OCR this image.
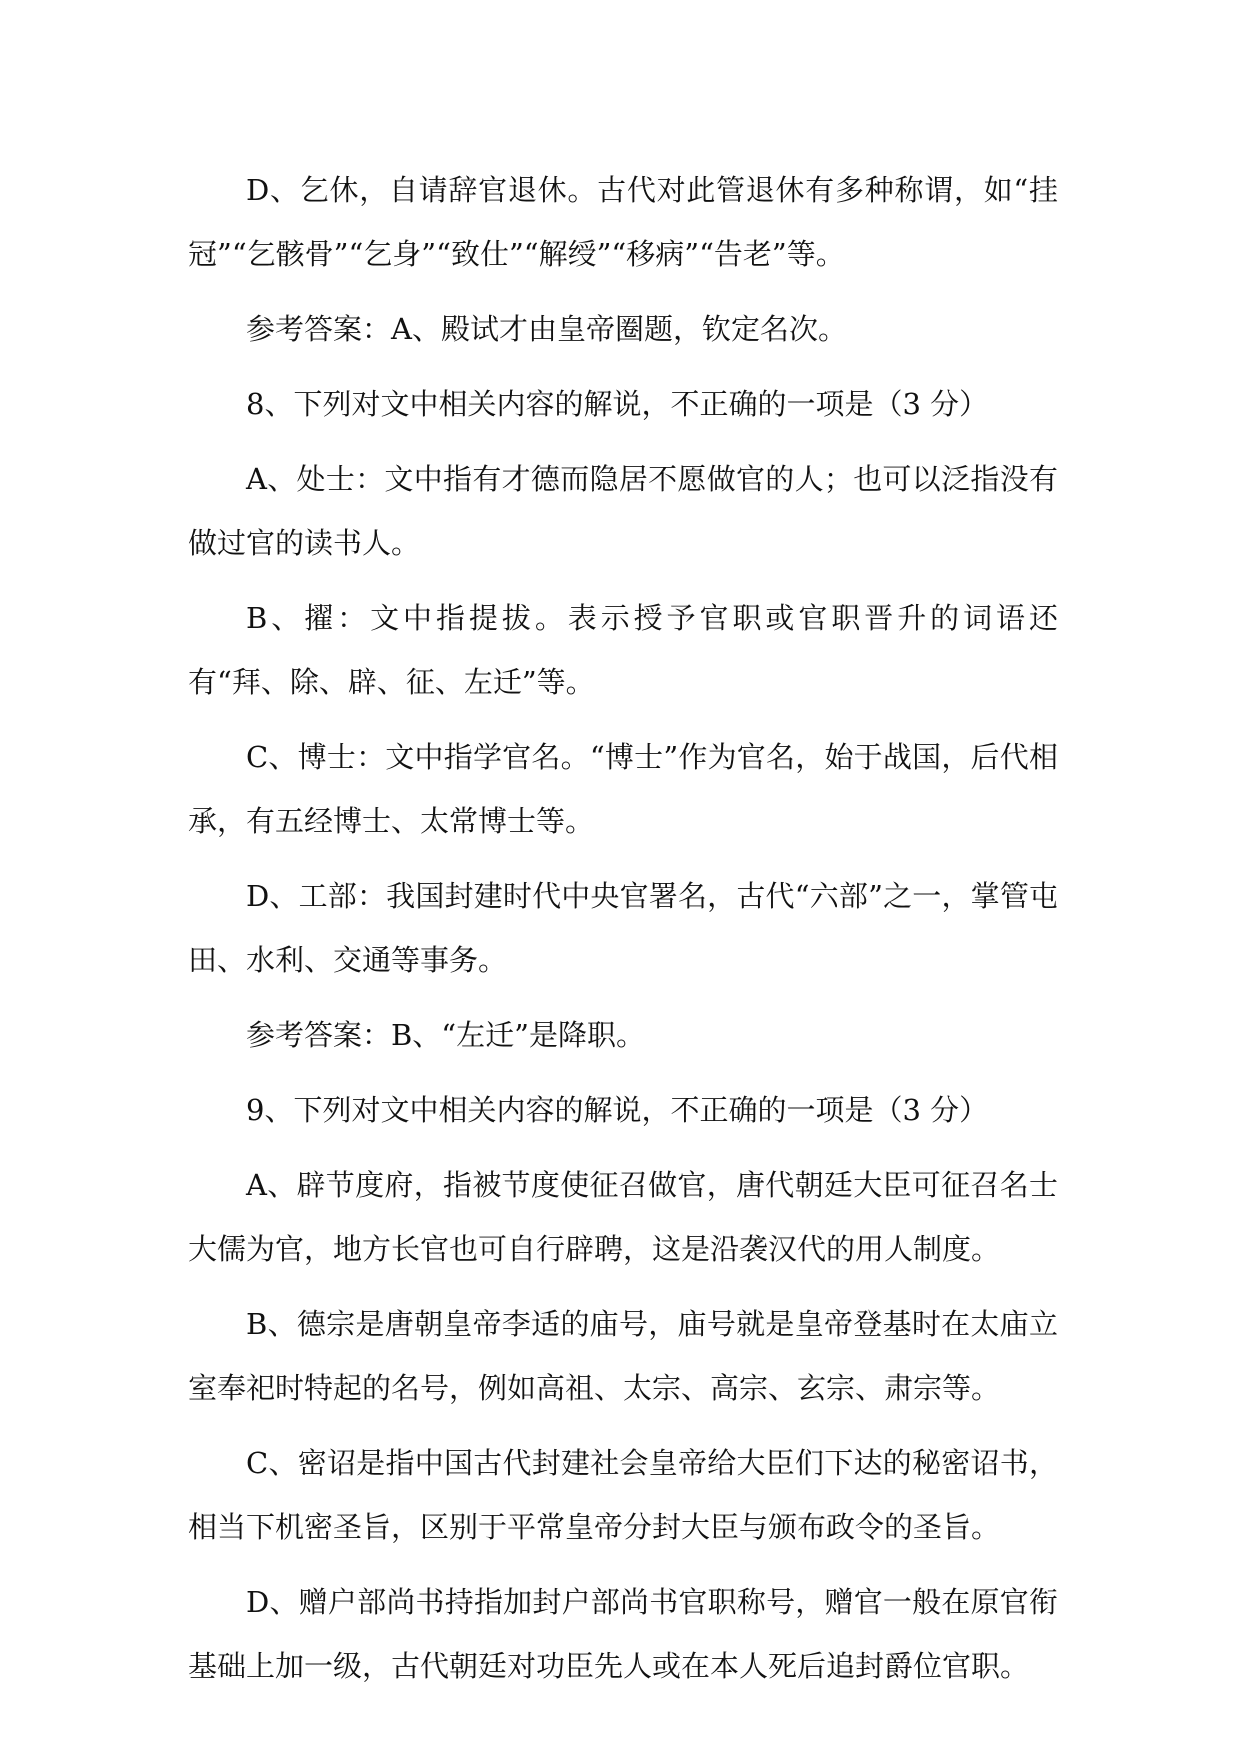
D、乞休，自请辞官退休。古代对此管退休有多种称谓，如“挂冠”“乞骸骨”“乞身”“致仕”“解绶”“移病”“告老”等。

参考答案：A、殿试才由皇帝圈题，钦定名次。

8、下列对文中相关内容的解说，不正确的一项是（3 分）

A、处士：文中指有才德而隐居不愿做官的人；也可以泛指没有做过官的读书人。

B、擢：文中指提拔。表示授予官职或官职晋升的词语还有“拜、除、辟、征、左迁”等。

C、博士：文中指学官名。“博士”作为官名，始于战国，后代相承，有五经博士、太常博士等。

D、工部：我国封建时代中央官署名，古代“六部”之一，掌管屯田、水利、交通等事务。

参考答案：B、“左迁”是降职。

9、下列对文中相关内容的解说，不正确的一项是（3 分）

A、辟节度府，指被节度使征召做官，唐代朝廷大臣可征召名士大儒为官，地方长官也可自行辟聘，这是沿袭汉代的用人制度。

B、德宗是唐朝皇帝李适的庙号，庙号就是皇帝登基时在太庙立室奉祀时特起的名号，例如高祖、太宗、高宗、玄宗、肃宗等。

C、密诏是指中国古代封建社会皇帝给大臣们下达的秘密诏书，相当下机密圣旨，区别于平常皇帝分封大臣与颁布政令的圣旨。

D、赠户部尚书持指加封户部尚书官职称号，赠官一般在原官衔基础上加一级，古代朝廷对功臣先人或在本人死后追封爵位官职。
